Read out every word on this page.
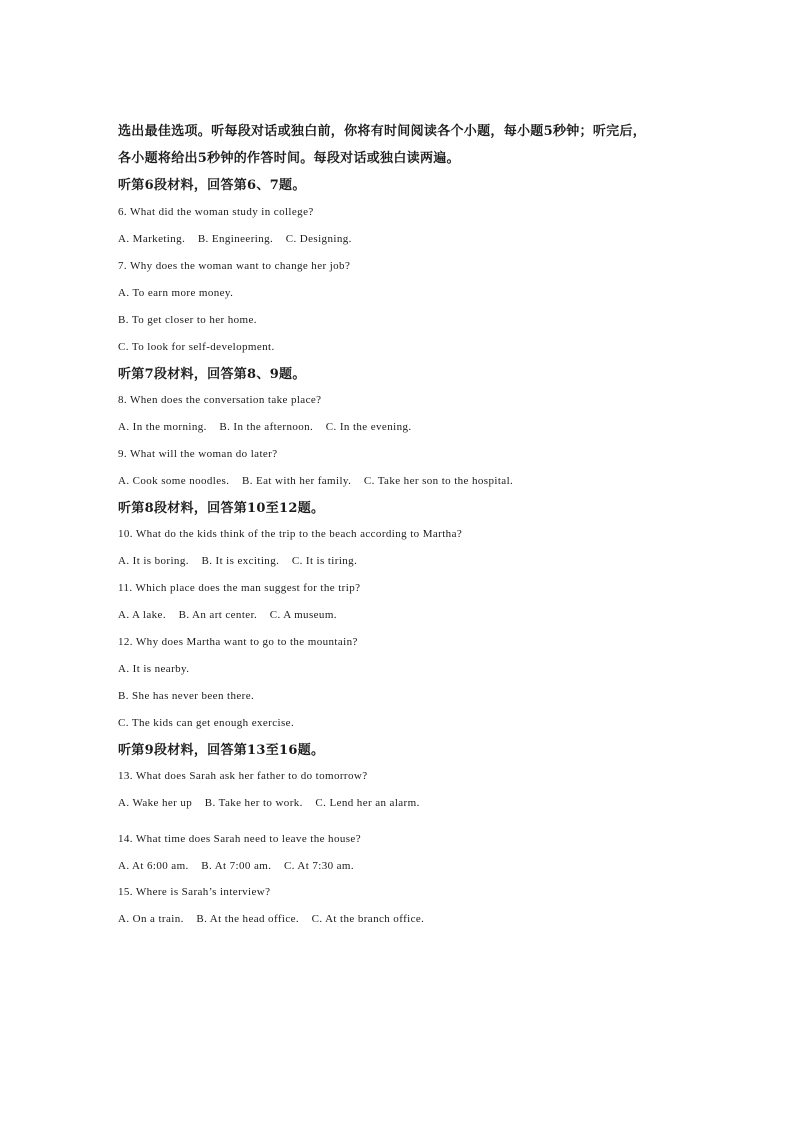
选出最佳选项。听每段对话或独白前，你将有时间阅读各个小题，每小题5秒钟；听完后，
各小题将给出5秒钟的作答时间。每段对话或独白读两遍。
听第6段材料，回答第6、7题。
6. What did the woman study in college?
A. Marketing.    B. Engineering.    C. Designing.
7. Why does the woman want to change her job?
A. To earn more money.
B. To get closer to her home.
C. To look for self-development.
听第7段材料，回答第8、9题。
8. When does the conversation take place?
A. In the morning.    B. In the afternoon.    C. In the evening.
9. What will the woman do later?
A. Cook some noodles.    B. Eat with her family.    C. Take her son to the hospital.
听第8段材料，回答第10至12题。
10. What do the kids think of the trip to the beach according to Martha?
A. It is boring.    B. It is exciting.    C. It is tiring.
11. Which place does the man suggest for the trip?
A. A lake.    B. An art center.    C. A museum.
12. Why does Martha want to go to the mountain?
A. It is nearby.
B. She has never been there.
C. The kids can get enough exercise.
听第9段材料，回答第13至16题。
13. What does Sarah ask her father to do tomorrow?
A. Wake her up    B. Take her to work.    C. Lend her an alarm.
14. What time does Sarah need to leave the house?
A. At 6:00 am.    B. At 7:00 am.    C. At 7:30 am.
15. Where is Sarah’s interview?
A. On a train.    B. At the head office.    C. At the branch office.
